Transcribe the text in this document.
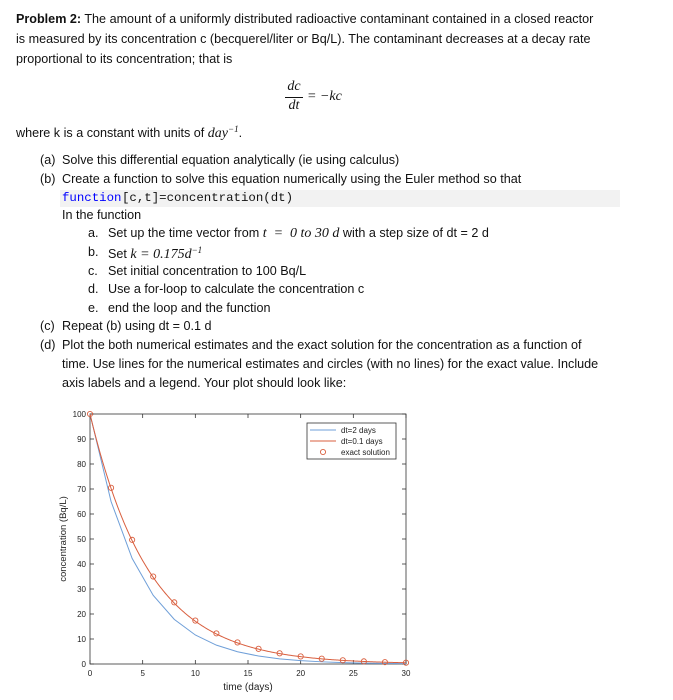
Problem 2: The amount of a uniformly distributed radioactive contaminant contained in a closed reactor
is measured by its concentration c (becquerel/liter or Bq/L). The contaminant decreases at a decay rate
proportional to its concentration; that is
dc
dt
= −kc
where k is a constant with units of day$^{-1}$.
(a) Solve this differential equation analytically (ie using calculus)
(b) Create a function to solve this equation numerically using the Euler method so that
function [c,t]=concentration(dt)
In the function
a. Set up the time vector from t  =  0 to 30 d with a step size of dt = 2 d
b. Set $k = 0.175d^{-1}$
c. Set initial concentration to 100 Bq/L
d. Use a for-loop to calculate the concentration c
e. end the loop and the function
(c) Repeat (b) using dt = 0.1 d
(d) Plot the both numerical estimates and the exact solution for the concentration as a function of
time. Use lines for the numerical estimates and circles (with no lines) for the exact value. Include
axis labels and a legend. Your plot should look like:
0	5	10	15	20	25	30
0
10
20
30
40
50
60
70
80
90
100
concentration (Bq/L)
time (days)
dt=2 days
dt=0.1 days
exact solution
